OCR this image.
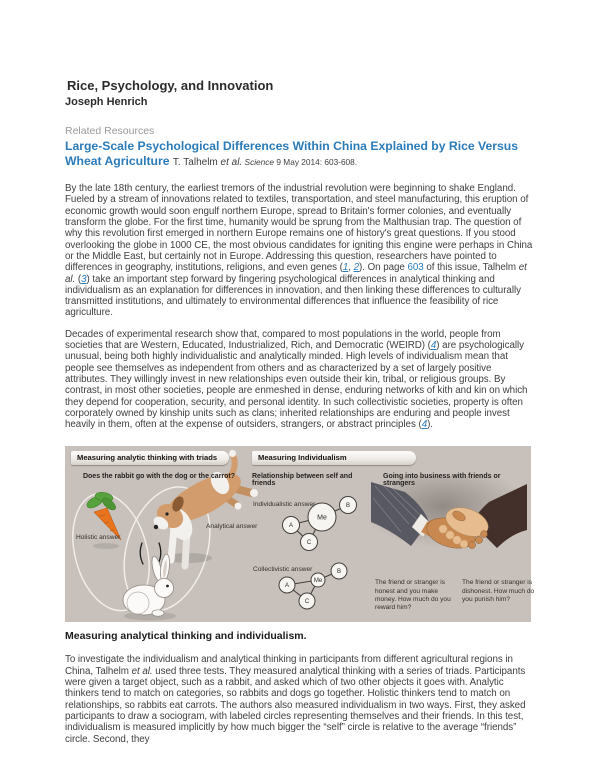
Rice, Psychology, and Innovation
Joseph Henrich
Related Resources
Large-Scale Psychological Differences Within China Explained by Rice Versus Wheat Agriculture T. Talhelm et al. Science 9 May 2014: 603-608.
By the late 18th century, the earliest tremors of the industrial revolution were beginning to shake England. Fueled by a stream of innovations related to textiles, transportation, and steel manufacturing, this eruption of economic growth would soon engulf northern Europe, spread to Britain's former colonies, and eventually transform the globe. For the first time, humanity would be sprung from the Malthusian trap. The question of why this revolution first emerged in northern Europe remains one of history's great questions. If you stood overlooking the globe in 1000 CE, the most obvious candidates for igniting this engine were perhaps in China or the Middle East, but certainly not in Europe. Addressing this question, researchers have pointed to differences in geography, institutions, religions, and even genes (1, 2). On page 603 of this issue, Talhelm et al. (3) take an important step forward by fingering psychological differences in analytical thinking and individualism as an explanation for differences in innovation, and then linking these differences to culturally transmitted institutions, and ultimately to environmental differences that influence the feasibility of rice agriculture.
Decades of experimental research show that, compared to most populations in the world, people from societies that are Western, Educated, Industrialized, Rich, and Democratic (WEIRD) (4) are psychologically unusual, being both highly individualistic and analytically minded. High levels of individualism mean that people see themselves as independent from others and as characterized by a set of largely positive attributes. They willingly invest in new relationships even outside their kin, tribal, or religious groups. By contrast, in most other societies, people are enmeshed in dense, enduring networks of kith and kin on which they depend for cooperation, security, and personal identity. In such collectivistic societies, property is often corporately owned by kinship units such as clans; inherited relationships are enduring and people invest heavily in them, often at the expense of outsiders, strangers, or abstract principles (4).
Me
A
B
C
Me
A
B
C
Measuring analytic thinking with triads	Measuring Individualism
Does the rabbit go with the dog or the carrot?	Relationship between self and friends
Going into business with friends or strangers
Holistic answer
Analytical answer
Individualistic answer
Collectivistic answer
The friend or stranger is honest and you make money. How much do you reward him?
The friend or stranger is dishonest. How much do you punish him?
Measuring analytical thinking and individualism.
To investigate the individualism and analytical thinking in participants from different agricultural regions in China, Talhelm et al. used three tests. They measured analytical thinking with a series of triads. Participants were given a target object, such as a rabbit, and asked which of two other objects it goes with. Analytic thinkers tend to match on categories, so rabbits and dogs go together. Holistic thinkers tend to match on relationships, so rabbits eat carrots. The authors also measured individualism in two ways. First, they asked participants to draw a sociogram, with labeled circles representing themselves and their friends. In this test, individualism is measured implicitly by how much bigger the “self” circle is relative to the average “friends” circle. Second, they
